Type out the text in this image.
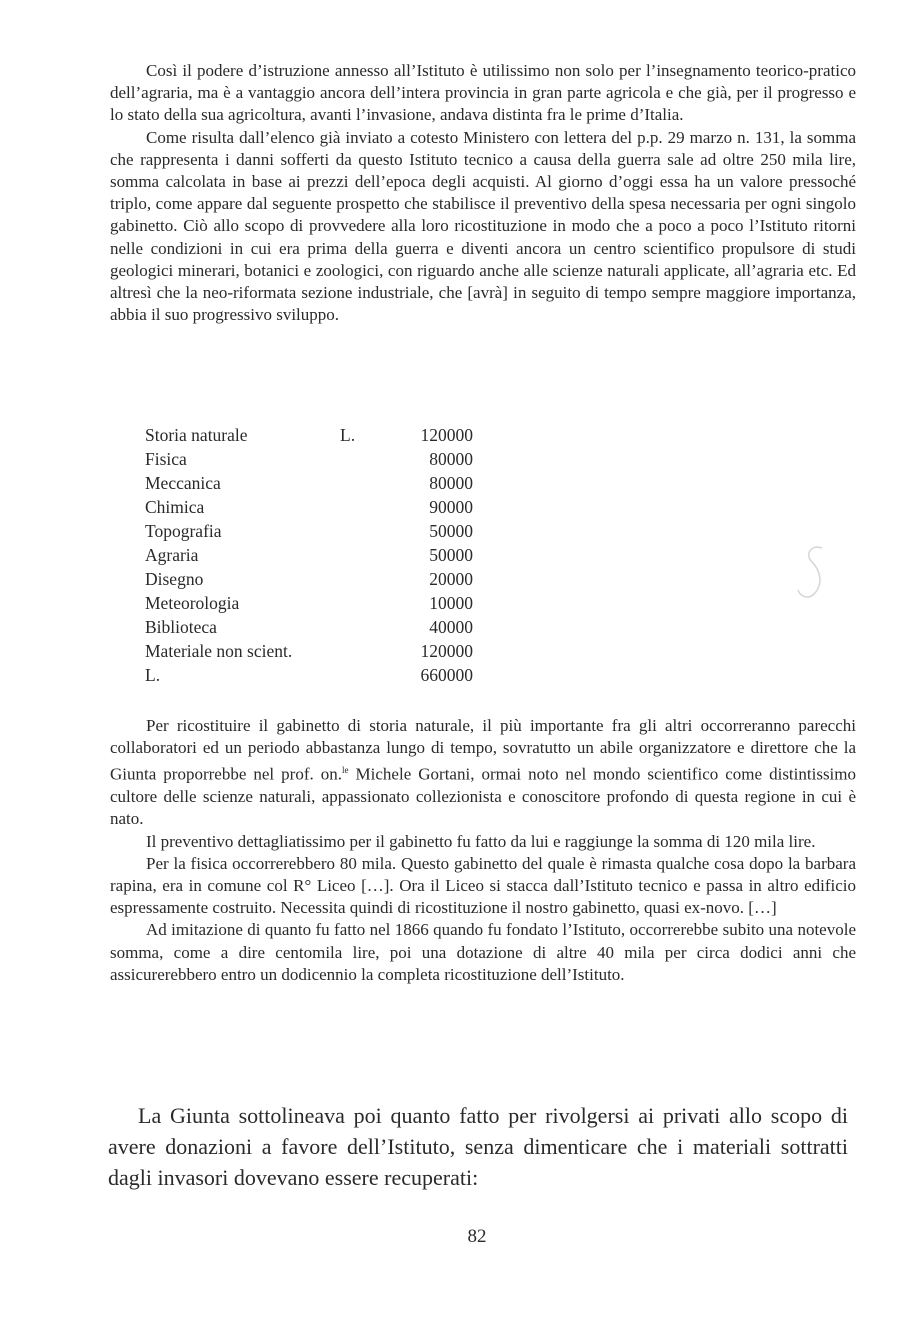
Così il podere d’istruzione annesso all’Istituto è utilissimo non solo per l’insegnamento teorico-pratico dell’agraria, ma è a vantaggio ancora dell’intera provincia in gran parte agricola e che già, per il progresso e lo stato della sua agricoltura, avanti l’invasione, andava distinta fra le prime d’Italia.

Come risulta dall’elenco già inviato a cotesto Ministero con lettera del p.p. 29 marzo n. 131, la somma che rappresenta i danni sofferti da questo Istituto tecnico a causa della guerra sale ad oltre 250 mila lire, somma calcolata in base ai prezzi dell’epoca degli acquisti. Al giorno d’oggi essa ha un valore pressoché triplo, come appare dal seguente prospetto che stabilisce il preventivo della spesa necessaria per ogni singolo gabinetto. Ciò allo scopo di provvedere alla loro ricostituzione in modo che a poco a poco l’Istituto ritorni nelle condizioni in cui era prima della guerra e diventi ancora un centro scientifico propulsore di studi geologici minerari, botanici e zoologici, con riguardo anche alle scienze naturali applicate, all’agraria etc. Ed altresì che la neo-riformata sezione industriale, che [avrà] in seguito di tempo sempre maggiore importanza, abbia il suo progressivo sviluppo.

Storia naturale	L.	120000
Fisica	80000
Meccanica	80000
Chimica	90000
Topografia	50000
Agraria	50000
Disegno	20000
Meteorologia	10000
Biblioteca	40000
Materiale non scient.	120000
L.	660000

Per ricostituire il gabinetto di storia naturale, il più importante fra gli altri occorreranno parecchi collaboratori ed un periodo abbastanza lungo di tempo, sovratutto un abile organizzatore e direttore che la Giunta proporrebbe nel prof. on.$^{le}$ Michele Gortani, ormai noto nel mondo scientifico come distintissimo cultore delle scienze naturali, appassionato collezionista e conoscitore profondo di questa regione in cui è nato.

Il preventivo dettagliatissimo per il gabinetto fu fatto da lui e raggiunge la somma di 120 mila lire.

Per la fisica occorrerebbero 80 mila. Questo gabinetto del quale è rimasta qualche cosa dopo la barbara rapina, era in comune col R° Liceo […]. Ora il Liceo si stacca dall’Istituto tecnico e passa in altro edificio espressamente costruito. Necessita quindi di ricostituzione il nostro gabinetto, quasi ex-novo. […]

Ad imitazione di quanto fu fatto nel 1866 quando fu fondato l’Istituto, occorrerebbe subito una notevole somma, come a dire centomila lire, poi una dotazione di altre 40 mila per circa dodici anni che assicurerebbero entro un dodicennio la completa ricostituzione dell’Istituto.

La Giunta sottolineava poi quanto fatto per rivolgersi ai privati allo scopo di avere donazioni a favore dell’Istituto, senza dimenticare che i materiali sottratti dagli invasori dovevano essere recuperati:

82
